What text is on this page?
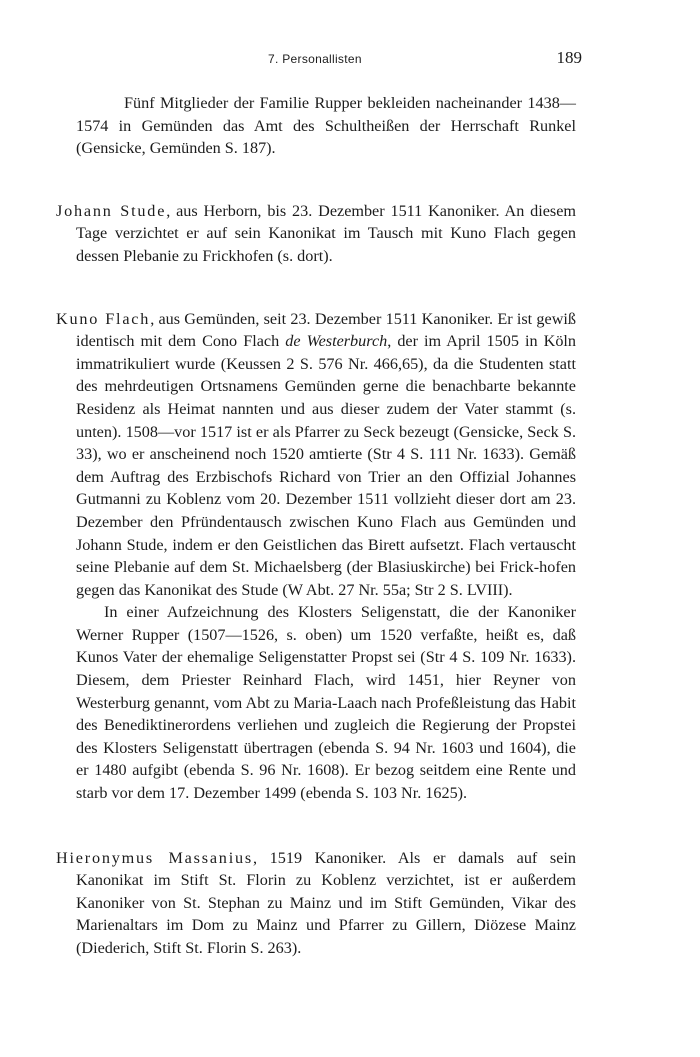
7. Personallisten	189

Fünf Mitglieder der Familie Rupper bekleiden nacheinander 1438—1574 in Gemünden das Amt des Schultheißen der Herrschaft Runkel (Gensicke, Gemünden S. 187).

Johann Stude, aus Herborn, bis 23. Dezember 1511 Kanoniker. An diesem Tage verzichtet er auf sein Kanonikat im Tausch mit Kuno Flach gegen dessen Plebanie zu Frickhofen (s. dort).

Kuno Flach, aus Gemünden, seit 23. Dezember 1511 Kanoniker. Er ist gewiß identisch mit dem Cono Flach de Westerburch, der im April 1505 in Köln immatrikuliert wurde (Keussen 2 S. 576 Nr. 466,65), da die Studenten statt des mehrdeutigen Ortsnamens Gemünden gerne die benachbarte bekannte Residenz als Heimat nannten und aus dieser zudem der Vater stammt (s. unten). 1508—vor 1517 ist er als Pfarrer zu Seck bezeugt (Gensicke, Seck S. 33), wo er anscheinend noch 1520 amtierte (Str 4 S. 111 Nr. 1633). Gemäß dem Auftrag des Erzbischofs Richard von Trier an den Offizial Johannes Gutmanni zu Koblenz vom 20. Dezember 1511 vollzieht dieser dort am 23. Dezember den Pfründentausch zwischen Kuno Flach aus Gemünden und Johann Stude, indem er den Geistlichen das Birett aufsetzt. Flach vertauscht seine Plebanie auf dem St. Michaelsberg (der Blasiuskirche) bei Frick-hofen gegen das Kanonikat des Stude (W Abt. 27 Nr. 55a; Str 2 S. LVIII).

In einer Aufzeichnung des Klosters Seligenstatt, die der Kanoniker Werner Rupper (1507—1526, s. oben) um 1520 verfaßte, heißt es, daß Kunos Vater der ehemalige Seligenstatter Propst sei (Str 4 S. 109 Nr. 1633). Diesem, dem Priester Reinhard Flach, wird 1451, hier Reyner von Westerburg genannt, vom Abt zu Maria-Laach nach Profeßleistung das Habit des Benediktinerordens verliehen und zugleich die Regierung der Propstei des Klosters Seligenstatt übertragen (ebenda S. 94 Nr. 1603 und 1604), die er 1480 aufgibt (ebenda S. 96 Nr. 1608). Er bezog seitdem eine Rente und starb vor dem 17. Dezember 1499 (ebenda S. 103 Nr. 1625).

Hieronymus Massanius, 1519 Kanoniker. Als er damals auf sein Kanonikat im Stift St. Florin zu Koblenz verzichtet, ist er außerdem Kanoniker von St. Stephan zu Mainz und im Stift Gemünden, Vikar des Marienaltars im Dom zu Mainz und Pfarrer zu Gillern, Diözese Mainz (Diederich, Stift St. Florin S. 263).
